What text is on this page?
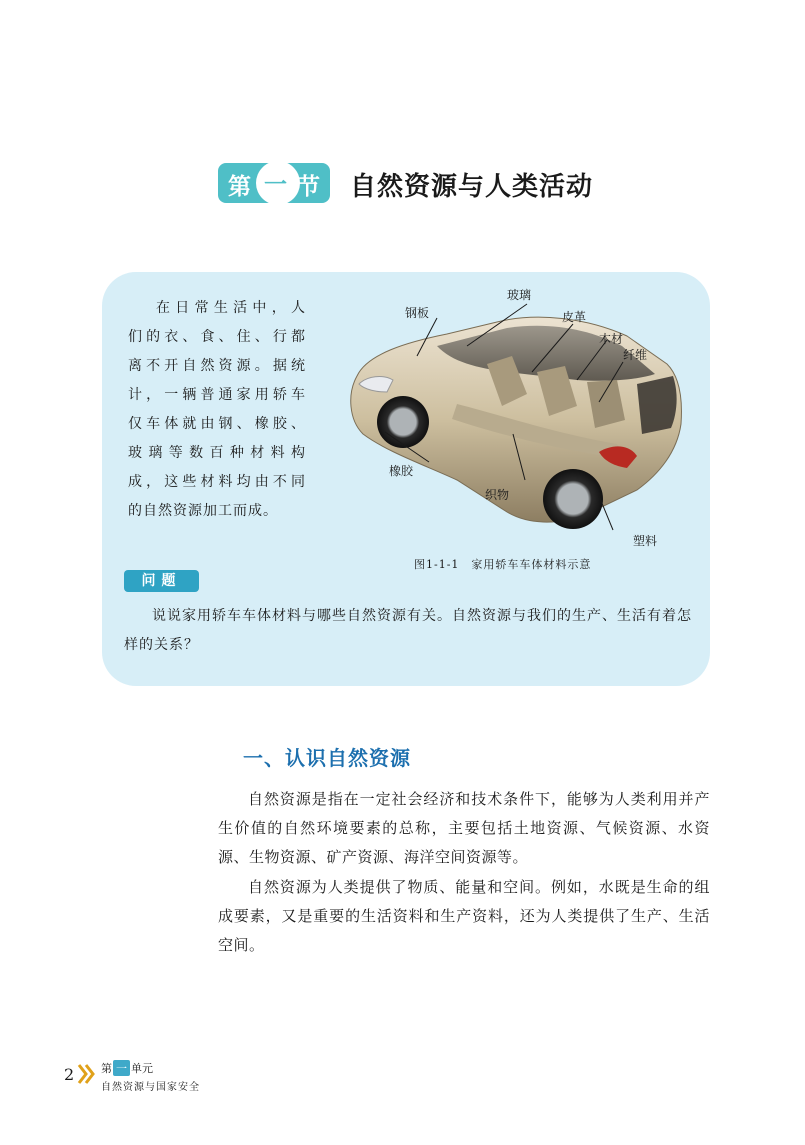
第 一 节 自然资源与人类活动
在日常生活中，人
们的衣、食、住、行都
离不开自然资源。据统
计，一辆普通家用轿车
仅车体就由钢、橡胶、
玻璃等数百种材料构
成，这些材料均由不同
的自然资源加工而成。
玻璃
钢板	皮革
木材
纤维
橡胶
织物
塑料
图1-1-1　家用轿车车体材料示意
问题
说说家用轿车车体材料与哪些自然资源有关。自然资源与我们的生产、生活有着怎样的关系？
一、认识自然资源
自然资源是指在一定社会经济和技术条件下，能够为人类利用并产生价值的自然环境要素的总称，主要包括土地资源、气候资源、水资源、生物资源、矿产资源、海洋空间资源等。
自然资源为人类提供了物质、能量和空间。例如，水既是生命的组成要素，又是重要的生活资料和生产资料，还为人类提供了生产、生活空间。
2 第 一 单元
自然资源与国家安全
